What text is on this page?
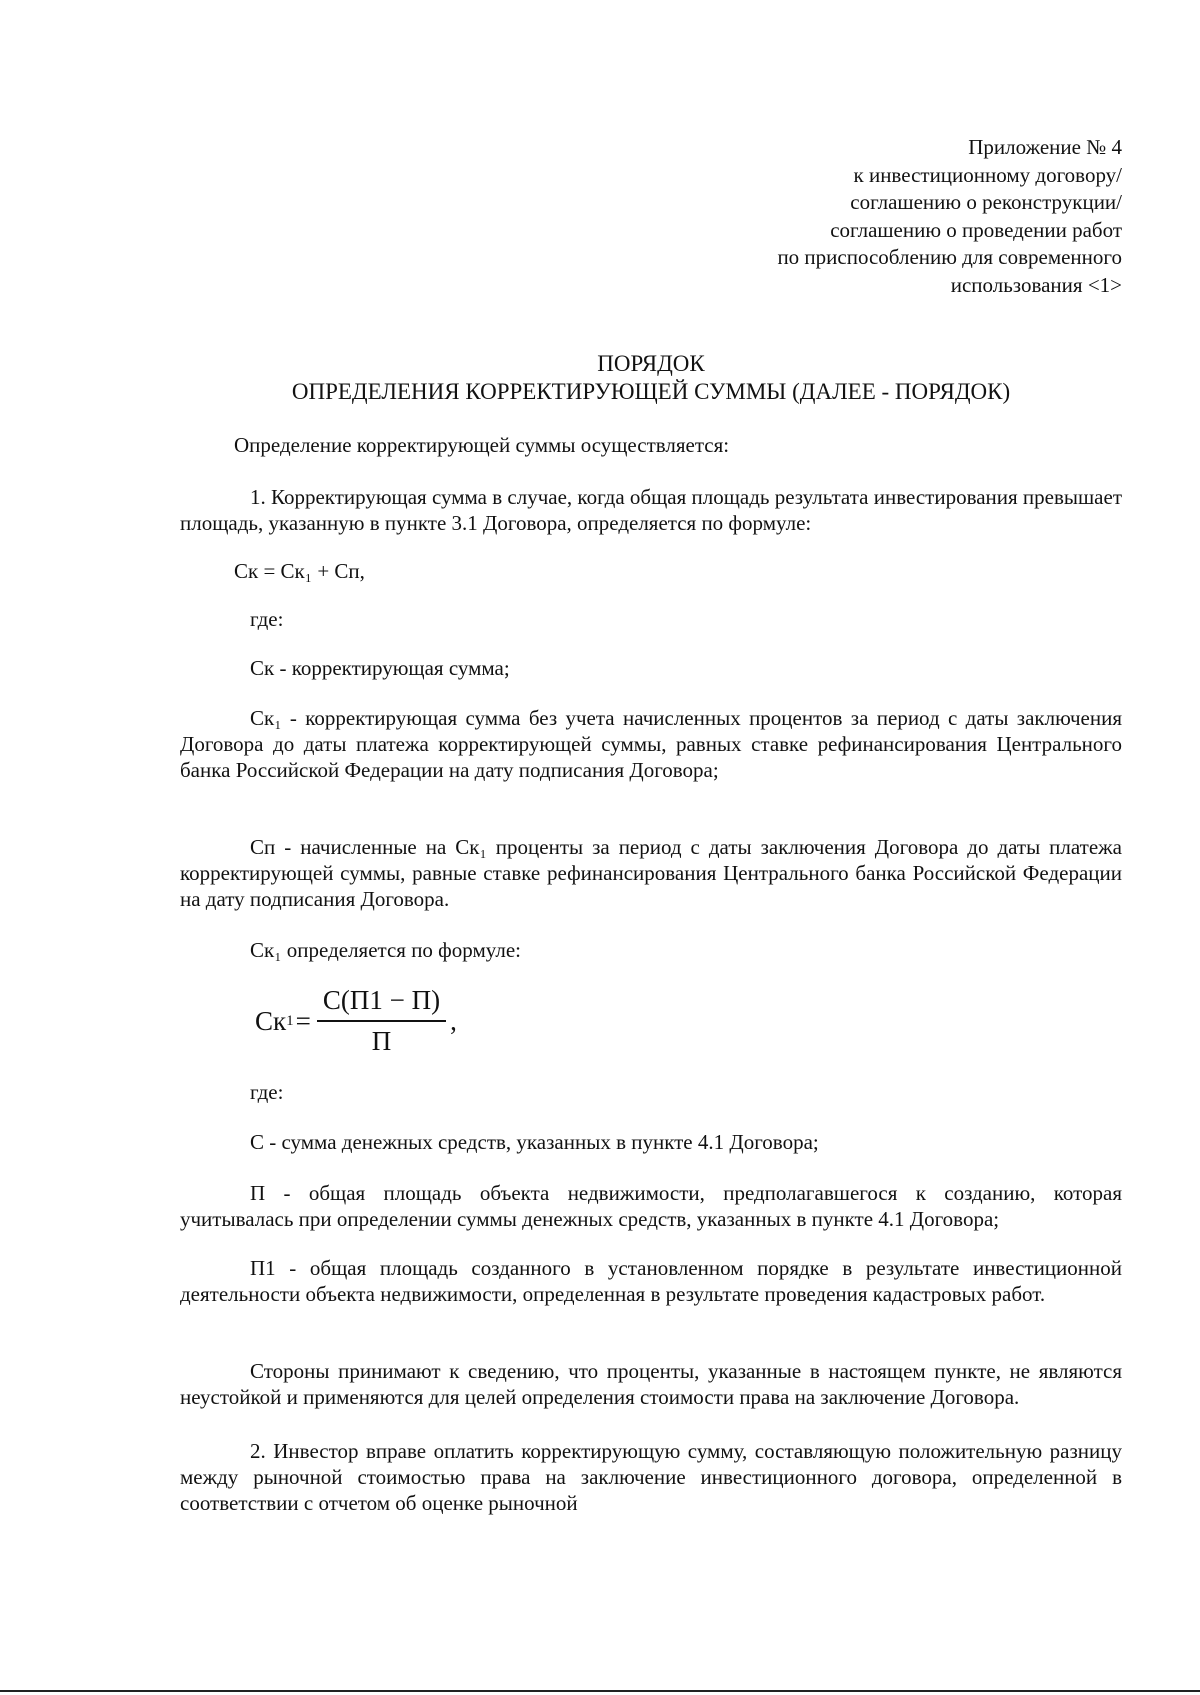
Приложение № 4
к инвестиционному договору/
соглашению о реконструкции/
соглашению о проведении работ
по приспособлению для современного
использования <1>
ПОРЯДОК
ОПРЕДЕЛЕНИЯ КОРРЕКТИРУЮЩЕЙ СУММЫ (ДАЛЕЕ - ПОРЯДОК)

Определение корректирующей суммы осуществляется:

1. Корректирующая сумма в случае, когда общая площадь результата инвестирования превышает площадь, указанную в пункте 3.1 Договора, определяется по формуле:

Ск = Ск₁ + Сп,

где:

Ск - корректирующая сумма;

Ск₁ - корректирующая сумма без учета начисленных процентов за период с даты заключения Договора до даты платежа корректирующей суммы, равных ставке рефинансирования Центрального банка Российской Федерации на дату подписания Договора;

Сп - начисленные на Ск₁ проценты за период с даты заключения Договора до даты платежа корректирующей суммы, равные ставке рефинансирования Центрального банка Российской Федерации на дату подписания Договора.

Ск₁ определяется по формуле:

Ск $1 = \frac{С(П1 - П)}{П}$ ,

где:

С - сумма денежных средств, указанных в пункте 4.1 Договора;

П - общая площадь объекта недвижимости, предполагавшегося к созданию, которая учитывалась при определении суммы денежных средств, указанных в пункте 4.1 Договора;

П1 - общая площадь созданного в установленном порядке в результате инвестиционной деятельности объекта недвижимости, определенная в результате проведения кадастровых работ.

Стороны принимают к сведению, что проценты, указанные в настоящем пункте, не являются неустойкой и применяются для целей определения стоимости права на заключение Договора.

2. Инвестор вправе оплатить корректирующую сумму, составляющую положительную разницу между рыночной стоимостью права на заключение инвестиционного договора, определенной в соответствии с отчетом об оценке рыночной
